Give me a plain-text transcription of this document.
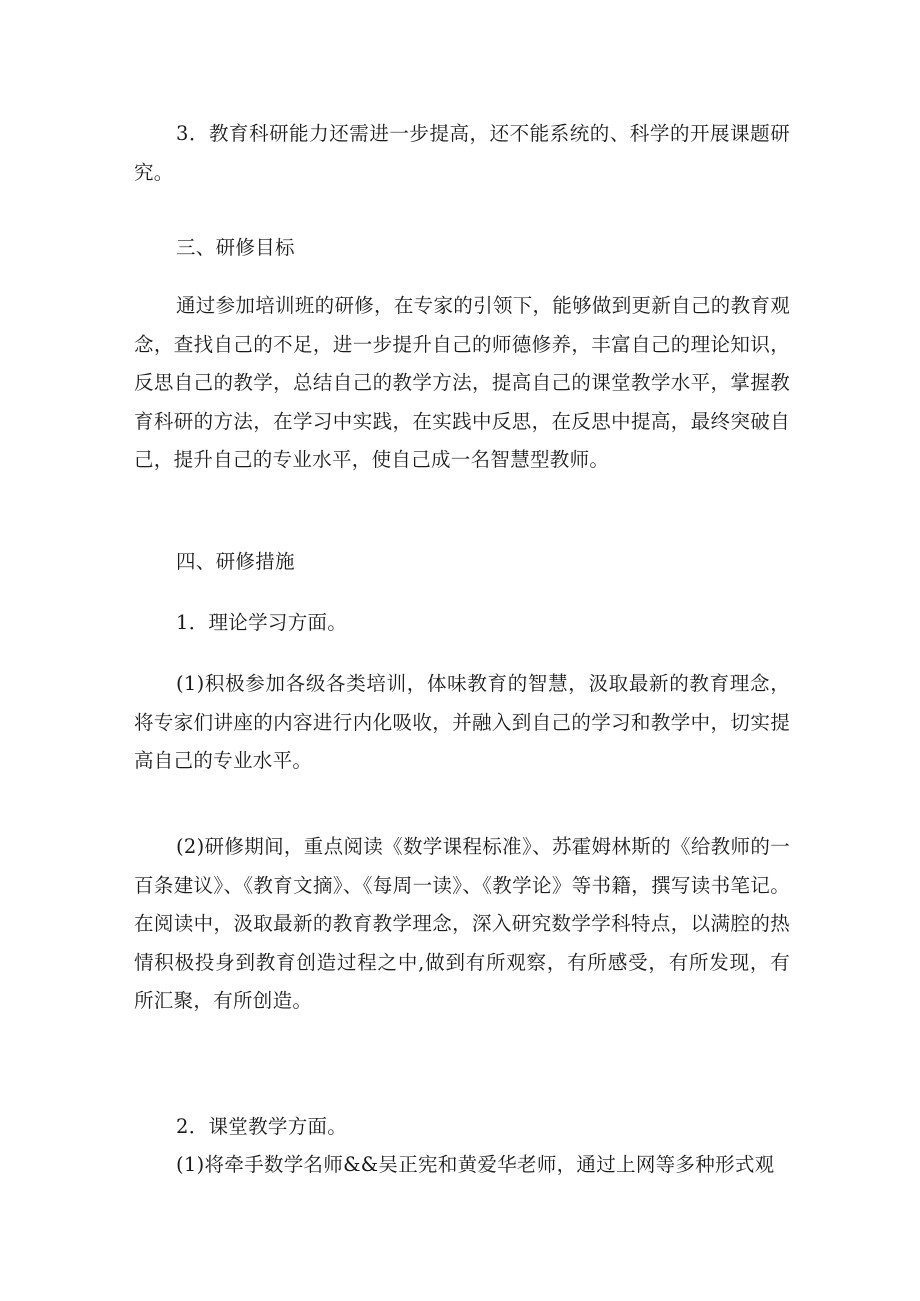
3．教育科研能力还需进一步提高，还不能系统的、科学的开展课题研究。

三、研修目标

通过参加培训班的研修，在专家的引领下，能够做到更新自己的教育观念，查找自己的不足，进一步提升自己的师德修养，丰富自己的理论知识，反思自己的教学，总结自己的教学方法，提高自己的课堂教学水平，掌握教育科研的方法，在学习中实践，在实践中反思，在反思中提高，最终突破自己，提升自己的专业水平，使自己成一名智慧型教师。

四、研修措施

1．理论学习方面。

(1)积极参加各级各类培训，体味教育的智慧，汲取最新的教育理念，将专家们讲座的内容进行内化吸收，并融入到自己的学习和教学中，切实提高自己的专业水平。

(2)研修期间，重点阅读《数学课程标准》、苏霍姆林斯的《给教师的一百条建议》、《教育文摘》、《每周一读》、《教学论》等书籍，撰写读书笔记。在阅读中，汲取最新的教育教学理念，深入研究数学学科特点，以满腔的热情积极投身到教育创造过程之中,做到有所观察，有所感受，有所发现，有所汇聚，有所创造。

2．课堂教学方面。

(1)将牵手数学名师&&吴正宪和黄爱华老师，通过上网等多种形式观
